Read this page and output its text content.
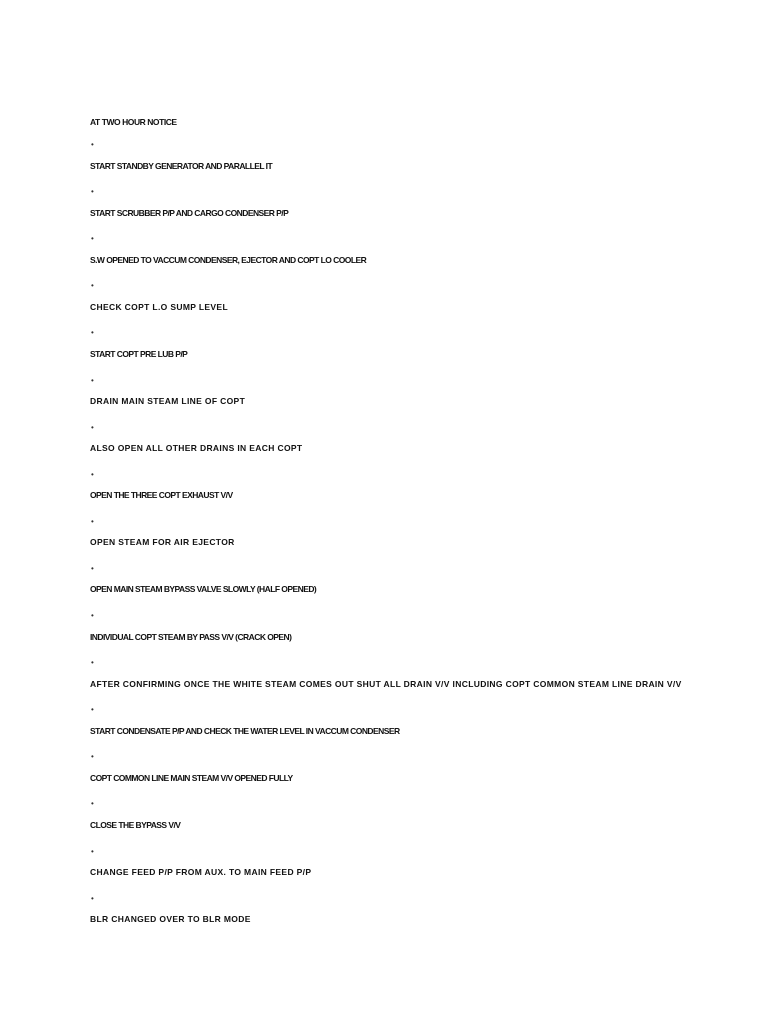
AT TWO HOUR NOTICE
•
START STANDBY GENERATOR AND PARALLEL IT
•
START SCRUBBER P/P AND CARGO CONDENSER P/P
•
S.W OPENED TO VACCUM CONDENSER, EJECTOR AND COPT LO COOLER
•
CHECK COPT L.O SUMP LEVEL
•
START COPT PRE LUB P/P
•
DRAIN MAIN STEAM LINE OF COPT
•
ALSO OPEN ALL OTHER DRAINS IN EACH COPT
•
OPEN THE THREE COPT EXHAUST V/V
•
OPEN STEAM FOR AIR EJECTOR
•
OPEN MAIN STEAM BYPASS VALVE SLOWLY (HALF OPENED)
•
INDIVIDUAL COPT STEAM BY PASS V/V (CRACK OPEN)
•
AFTER CONFIRMING ONCE THE WHITE STEAM COMES OUT SHUT ALL DRAIN V/V INCLUDING COPT COMMON STEAM LINE DRAIN V/V
•
START CONDENSATE P/P AND CHECK THE WATER LEVEL IN VACCUM CONDENSER
•
COPT COMMON LINE MAIN STEAM V/V OPENED FULLY
•
CLOSE THE BYPASS V/V
•
CHANGE FEED P/P FROM AUX. TO MAIN FEED P/P
•
BLR CHANGED OVER TO BLR MODE
